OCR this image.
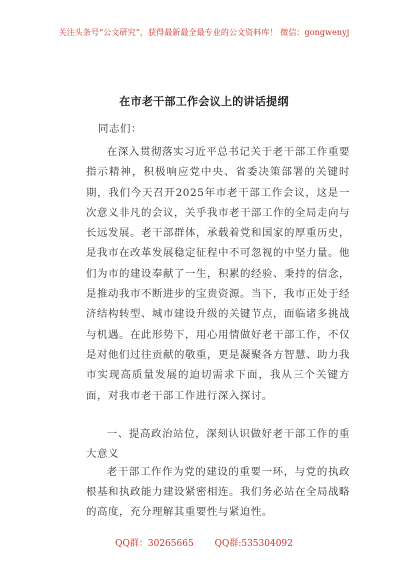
关注头条号“公文研究”，获得最新最全最专业的公文资料库！ 微信：gongwenyj
在市老干部工作会议上的讲话提纲

同志们：

在深入贯彻落实习近平总书记关于老干部工作重要指示精神，积极响应党中央、省委决策部署的关键时期，我们今天召开2025年市老干部工作会议，这是一次意义非凡的会议，关乎我市老干部工作的全局走向与长远发展。老干部群体，承载着党和国家的厚重历史，是我市在改革发展稳定征程中不可忽视的中坚力量。他们为市的建设奉献了一生，积累的经验、秉持的信念，是推动我市不断进步的宝贵资源。当下，我市正处于经济结构转型、城市建设升级的关键节点，面临诸多挑战与机遇。在此形势下，用心用情做好老干部工作，不仅是对他们过往贡献的敬重，更是凝聚各方智慧、助力我市实现高质量发展的迫切需求下面，我从三个关键方面，对我市老干部工作进行深入探讨。

一、提高政治站位，深刻认识做好老干部工作的重大意义

老干部工作作为党的建设的重要一环，与党的执政根基和执政能力建设紧密相连。我们务必站在全局战略的高度，充分理解其重要性与紧迫性。

QQ群：30265665 QQ群:535304092
